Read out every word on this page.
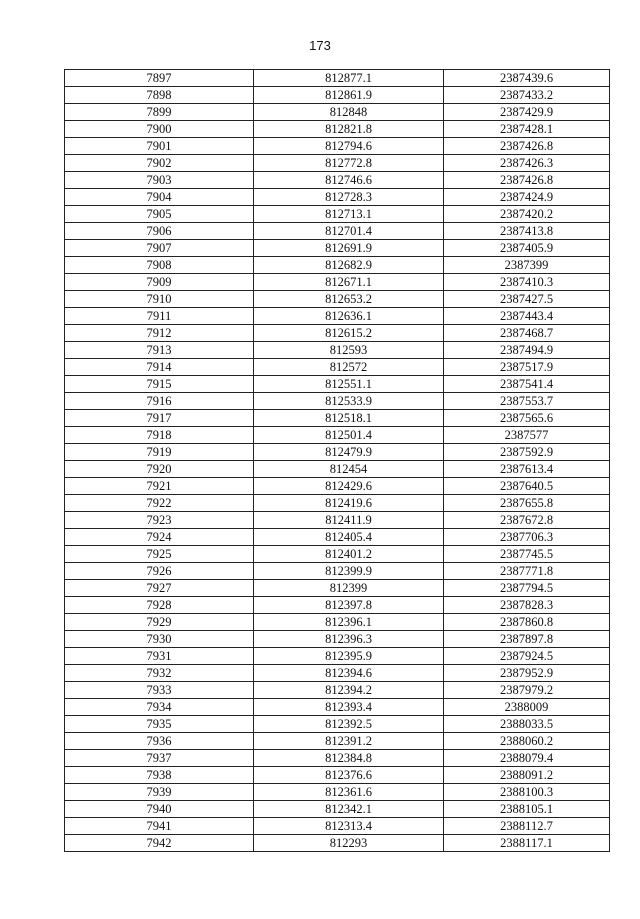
173
7897	812877.1	2387439.6
7898	812861.9	2387433.2
7899	812848	2387429.9
7900	812821.8	2387428.1
7901	812794.6	2387426.8
7902	812772.8	2387426.3
7903	812746.6	2387426.8
7904	812728.3	2387424.9
7905	812713.1	2387420.2
7906	812701.4	2387413.8
7907	812691.9	2387405.9
7908	812682.9	2387399
7909	812671.1	2387410.3
7910	812653.2	2387427.5
7911	812636.1	2387443.4
7912	812615.2	2387468.7
7913	812593	2387494.9
7914	812572	2387517.9
7915	812551.1	2387541.4
7916	812533.9	2387553.7
7917	812518.1	2387565.6
7918	812501.4	2387577
7919	812479.9	2387592.9
7920	812454	2387613.4
7921	812429.6	2387640.5
7922	812419.6	2387655.8
7923	812411.9	2387672.8
7924	812405.4	2387706.3
7925	812401.2	2387745.5
7926	812399.9	2387771.8
7927	812399	2387794.5
7928	812397.8	2387828.3
7929	812396.1	2387860.8
7930	812396.3	2387897.8
7931	812395.9	2387924.5
7932	812394.6	2387952.9
7933	812394.2	2387979.2
7934	812393.4	2388009
7935	812392.5	2388033.5
7936	812391.2	2388060.2
7937	812384.8	2388079.4
7938	812376.6	2388091.2
7939	812361.6	2388100.3
7940	812342.1	2388105.1
7941	812313.4	2388112.7
7942	812293	2388117.1
